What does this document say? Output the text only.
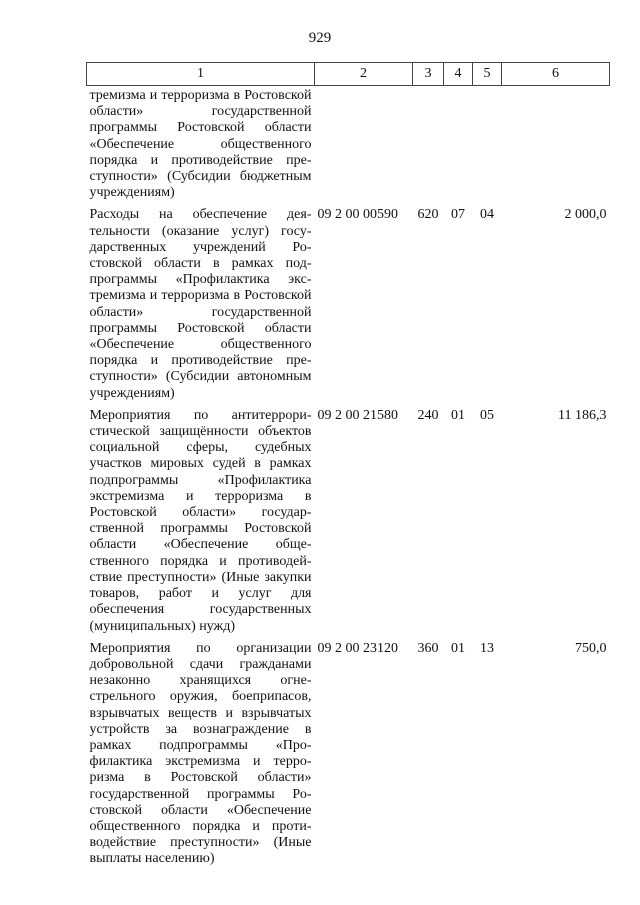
929
1	2	3	4	5	6
тремизма и терроризма в Ростовской области» государственной программы Ростовской области «Обеспечение общественного порядка и противодействие преступности» (Субсидии бюджетным учреждениям)					
Расходы на обеспечение деятельности (оказание услуг) государственных учреждений Ростовской области в рамках подпрограммы «Профилактика экстремизма и терроризма в Ростовской области» государственной программы Ростовской области «Обеспечение общественного порядка и противодействие преступности» (Субсидии автономным учреждениям)	09 2 00 00590	620	07	04	2 000,0
Мероприятия по антитеррористической защищённости объектов социальной сферы, судебных участков мировых судей в рамках подпрограммы «Профилактика экстремизма и терроризма в Ростовской области» государственной программы Ростовской области «Обеспечение общественного порядка и противодействие преступности» (Иные закупки товаров, работ и услуг для обеспечения государственных (муниципальных) нужд)	09 2 00 21580	240	01	05	11 186,3
Мероприятия по организации добровольной сдачи гражданами незаконно хранящихся огнестрельного оружия, боеприпасов, взрывчатых веществ и взрывчатых устройств за вознаграждение в рамках подпрограммы «Профилактика экстремизма и терроризма в Ростовской области» государственной программы Ростовской области «Обеспечение общественного порядка и противодействие преступности» (Иные выплаты населению)	09 2 00 23120	360	01	13	750,0
